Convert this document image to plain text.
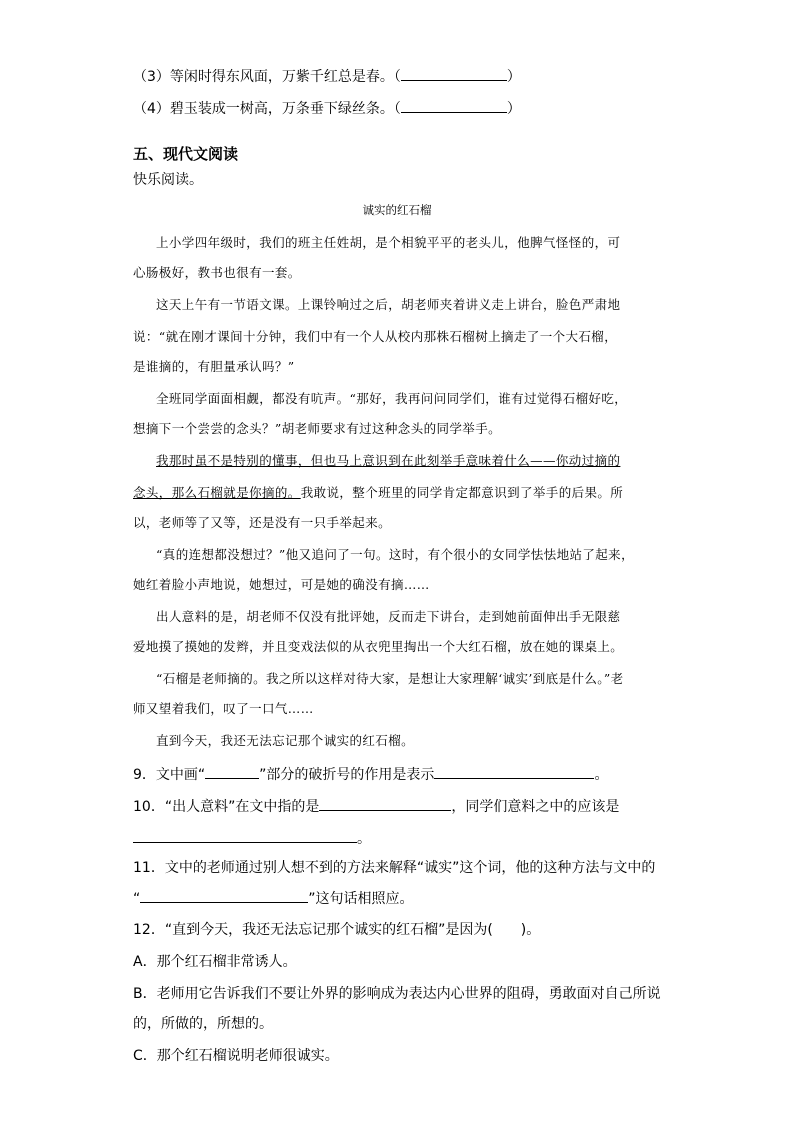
（3）等闲时得东风面，万紫千红总是春。（	）
（4）碧玉装成一树高，万条垂下绿丝条。（	）
五、现代文阅读
快乐阅读。
诚实的红石榴
上小学四年级时，我们的班主任姓胡，是个相貌平平的老头儿，他脾气怪怪的，可
心肠极好，教书也很有一套。
这天上午有一节语文课。上课铃响过之后，胡老师夹着讲义走上讲台，脸色严肃地
说：“就在刚才课间十分钟，我们中有一个人从校内那株石榴树上摘走了一个大石榴，
是谁摘的，有胆量承认吗？”
全班同学面面相觑，都没有吭声。“那好，我再问问同学们，谁有过觉得石榴好吃，
想摘下一个尝尝的念头？”胡老师要求有过这种念头的同学举手。
我那时虽不是特别的懂事，但也马上意识到在此刻举手意味着什么——你动过摘的
念头，那么石榴就是你摘的。我敢说，整个班里的同学肯定都意识到了举手的后果。所
以，老师等了又等，还是没有一只手举起来。
“真的连想都没想过？”他又追问了一句。这时，有个很小的女同学怯怯地站了起来，
她红着脸小声地说，她想过，可是她的确没有摘……
出人意料的是，胡老师不仅没有批评她，反而走下讲台，走到她前面伸出手无限慈
爱地摸了摸她的发辫，并且变戏法似的从衣兜里掏出一个大红石榴，放在她的课桌上。
“石榴是老师摘的。我之所以这样对待大家，是想让大家理解‘诚实’到底是什么。”老
师又望着我们，叹了一口气……
直到今天，我还无法忘记那个诚实的红石榴。
9．文中画“	”部分的破折号的作用是表示	。
10．“出人意料”在文中指的是	，同学们意料之中的应该是
。
11．文中的老师通过别人想不到的方法来解释“诚实”这个词，他的这种方法与文中的
“	”这句话相照应。
12．“直到今天，我还无法忘记那个诚实的红石榴”是因为(　　)。
A．那个红石榴非常诱人。
B．老师用它告诉我们不要让外界的影响成为表达内心世界的阻碍，勇敢面对自己所说
的，所做的，所想的。
C．那个红石榴说明老师很诚实。
